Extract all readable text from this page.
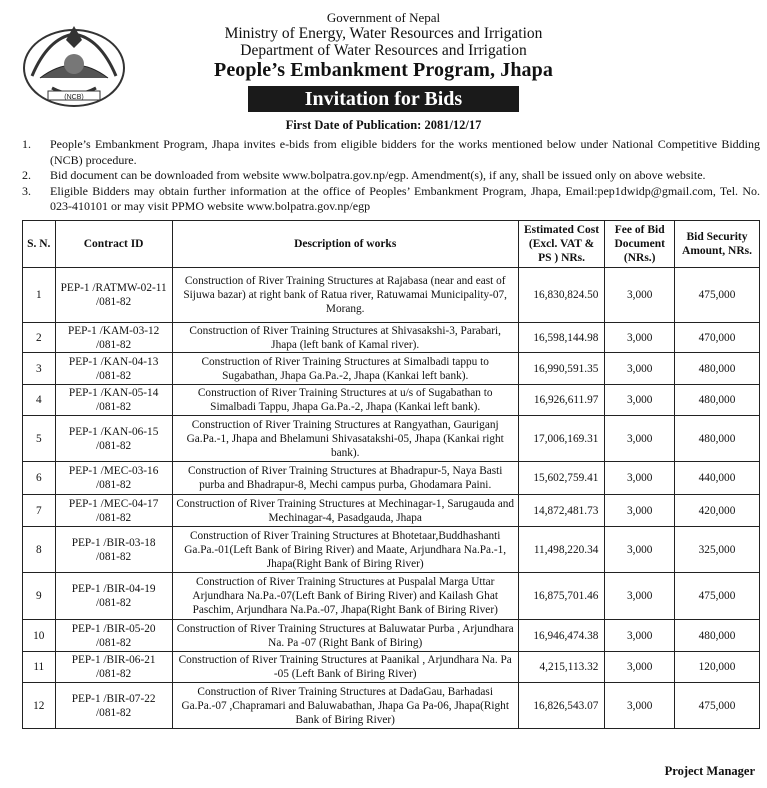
(NCB)
Government of Nepal
Ministry of Energy, Water Resources and Irrigation
Department of Water Resources and Irrigation
People’s Embankment Program, Jhapa
Invitation for Bids
First Date of Publication: 2081/12/17
1.	People’s Embankment Program, Jhapa invites e-bids from eligible bidders for the works mentioned below under National Competitive Bidding (NCB) procedure.
2.	Bid document can be downloaded from website www.bolpatra.gov.np/egp. Amendment(s), if any, shall be issued only on above website.
3.	Eligible Bidders may obtain further information at the office of Peoples’ Embankment Program, Jhapa, Email:pep1dwidp@gmail.com, Tel. No. 023-410101 or may visit PPMO website www.bolpatra.gov.np/egp
S. N.	Contract ID	Description of works	Estimated Cost (Excl. VAT & PS ) NRs.	Fee of Bid Document (NRs.)	Bid Security Amount, NRs.
1	PEP-1 /RATMW-02-11 /081-82	Construction of River Training Structures at Rajabasa (near and east of Sijuwa bazar) at right bank of Ratua river, Ratuwamai Municipality-07, Morang.	16,830,824.50	3,000	475,000
2	PEP-1 /KAM-03-12 /081-82	Construction of River Training Structures at Shivasakshi-3, Parabari, Jhapa (left bank of Kamal river).	16,598,144.98	3,000	470,000
3	PEP-1 /KAN-04-13 /081-82	Construction of River Training Structures at Simalbadi tappu to Sugabathan, Jhapa Ga.Pa.-2, Jhapa (Kankai left bank).	16,990,591.35	3,000	480,000
4	PEP-1 /KAN-05-14 /081-82	Construction of River Training Structures at u/s of Sugabathan to Simalbadi Tappu, Jhapa Ga.Pa.-2, Jhapa (Kankai left bank).	16,926,611.97	3,000	480,000
5	PEP-1 /KAN-06-15 /081-82	Construction of River Training Structures at Rangyathan, Gauriganj Ga.Pa.-1, Jhapa and Bhelamuni Shivasatakshi-05, Jhapa (Kankai right bank).	17,006,169.31	3,000	480,000
6	PEP-1 /MEC-03-16 /081-82	Construction of River Training Structures at Bhadrapur-5, Naya Basti purba and Bhadrapur-8, Mechi campus purba, Ghodamara Paini.	15,602,759.41	3,000	440,000
7	PEP-1 /MEC-04-17 /081-82	Construction of River Training Structures at Mechinagar-1, Sarugauda and Mechinagar-4, Pasadgauda, Jhapa	14,872,481.73	3,000	420,000
8	PEP-1 /BIR-03-18 /081-82	Construction of River Training Structures at Bhotetaar,Buddhashanti Ga.Pa.-01(Left Bank of Biring River) and Maate, Arjundhara Na.Pa.-1, Jhapa(Right Bank of Biring River)	11,498,220.34	3,000	325,000
9	PEP-1 /BIR-04-19 /081-82	Construction of River Training Structures at Puspalal Marga Uttar Arjundhara Na.Pa.-07(Left Bank of Biring River) and Kailash Ghat Paschim, Arjundhara Na.Pa.-07, Jhapa(Right Bank of Biring River)	16,875,701.46	3,000	475,000
10	PEP-1 /BIR-05-20 /081-82	Construction of River Training Structures at Baluwatar Purba , Arjundhara Na. Pa -07 (Right Bank of Biring)	16,946,474.38	3,000	480,000
11	PEP-1 /BIR-06-21 /081-82	Construction of River Training Structures at Paanikal , Arjundhara Na. Pa -05 (Left Bank of Biring River)	4,215,113.32	3,000	120,000
12	PEP-1 /BIR-07-22 /081-82	Construction of River Training Structures at DadaGau, Barhadasi Ga.Pa.-07 ,Chapramari and Baluwabathan, Jhapa Ga Pa-06, Jhapa(Right Bank of Biring River)	16,826,543.07	3,000	475,000
Project Manager
